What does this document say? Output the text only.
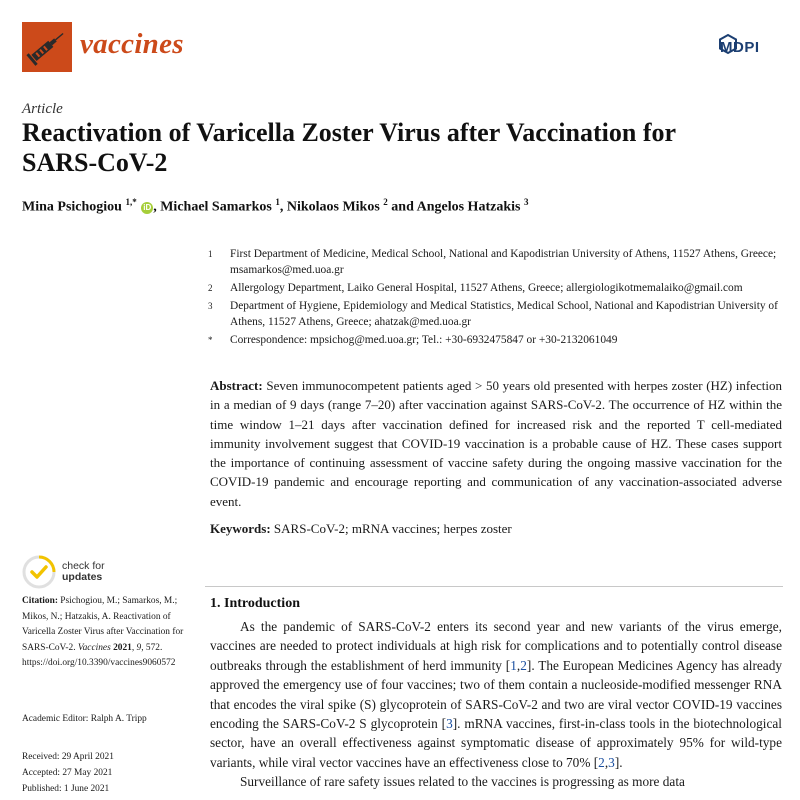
vaccines	MDPI
Article
Reactivation of Varicella Zoster Virus after Vaccination for SARS-CoV-2
Mina Psichogiou $^{1,*}$ iD , Michael Samarkos $^1$, Nikolaos Mikos $^2$ and Angelos Hatzakis $^3$
1	First Department of Medicine, Medical School, National and Kapodistrian University of Athens, 11527 Athens, Greece; msamarkos@med.uoa.gr
2	Allergology Department, Laiko General Hospital, 11527 Athens, Greece; allergiologikotmemalaiko@gmail.com
3	Department of Hygiene, Epidemiology and Medical Statistics, Medical School, National and Kapodistrian University of Athens, 11527 Athens, Greece; ahatzak@med.uoa.gr
*	Correspondence: mpsichog@med.uoa.gr; Tel.: +30-6932475847 or +30-2132061049
Abstract: Seven immunocompetent patients aged > 50 years old presented with herpes zoster (HZ) infection in a median of 9 days (range 7–20) after vaccination against SARS-CoV-2. The occurrence of HZ within the time window 1–21 days after vaccination defined for increased risk and the reported T cell-mediated immunity involvement suggest that COVID-19 vaccination is a probable cause of HZ. These cases support the importance of continuing assessment of vaccine safety during the ongoing massive vaccination for the COVID-19 pandemic and encourage reporting and communication of any vaccination-associated adverse event.
Keywords: SARS-CoV-2; mRNA vaccines; herpes zoster
check for
updates
Citation: Psichogiou, M.; Samarkos, M.; Mikos, N.; Hatzakis, A. Reactivation of Varicella Zoster Virus after Vaccination for SARS-CoV-2. Vaccines 2021, 9, 572. https://doi.org/10.3390/vaccines9060572
Academic Editor: Ralph A. Tripp
Received: 29 April 2021
Accepted: 27 May 2021
Published: 1 June 2021
1. Introduction

As the pandemic of SARS-CoV-2 enters its second year and new variants of the virus emerge, vaccines are needed to protect individuals at high risk for complications and to potentially control disease outbreaks through the establishment of herd immunity [1,2]. The European Medicines Agency has already approved the emergency use of four vaccines; two of them contain a nucleoside-modified messenger RNA that encodes the viral spike (S) glycoprotein of SARS-CoV-2 and two are viral vector COVID-19 vaccines encoding the SARS-CoV-2 S glycoprotein [3]. mRNA vaccines, first-in-class tools in the biotechnological sector, have an overall effectiveness against symptomatic disease of approximately 95% for wild-type variants, while viral vector vaccines have an effectiveness close to 70% [2,3].

Surveillance of rare safety issues related to the vaccines is progressing as more data
